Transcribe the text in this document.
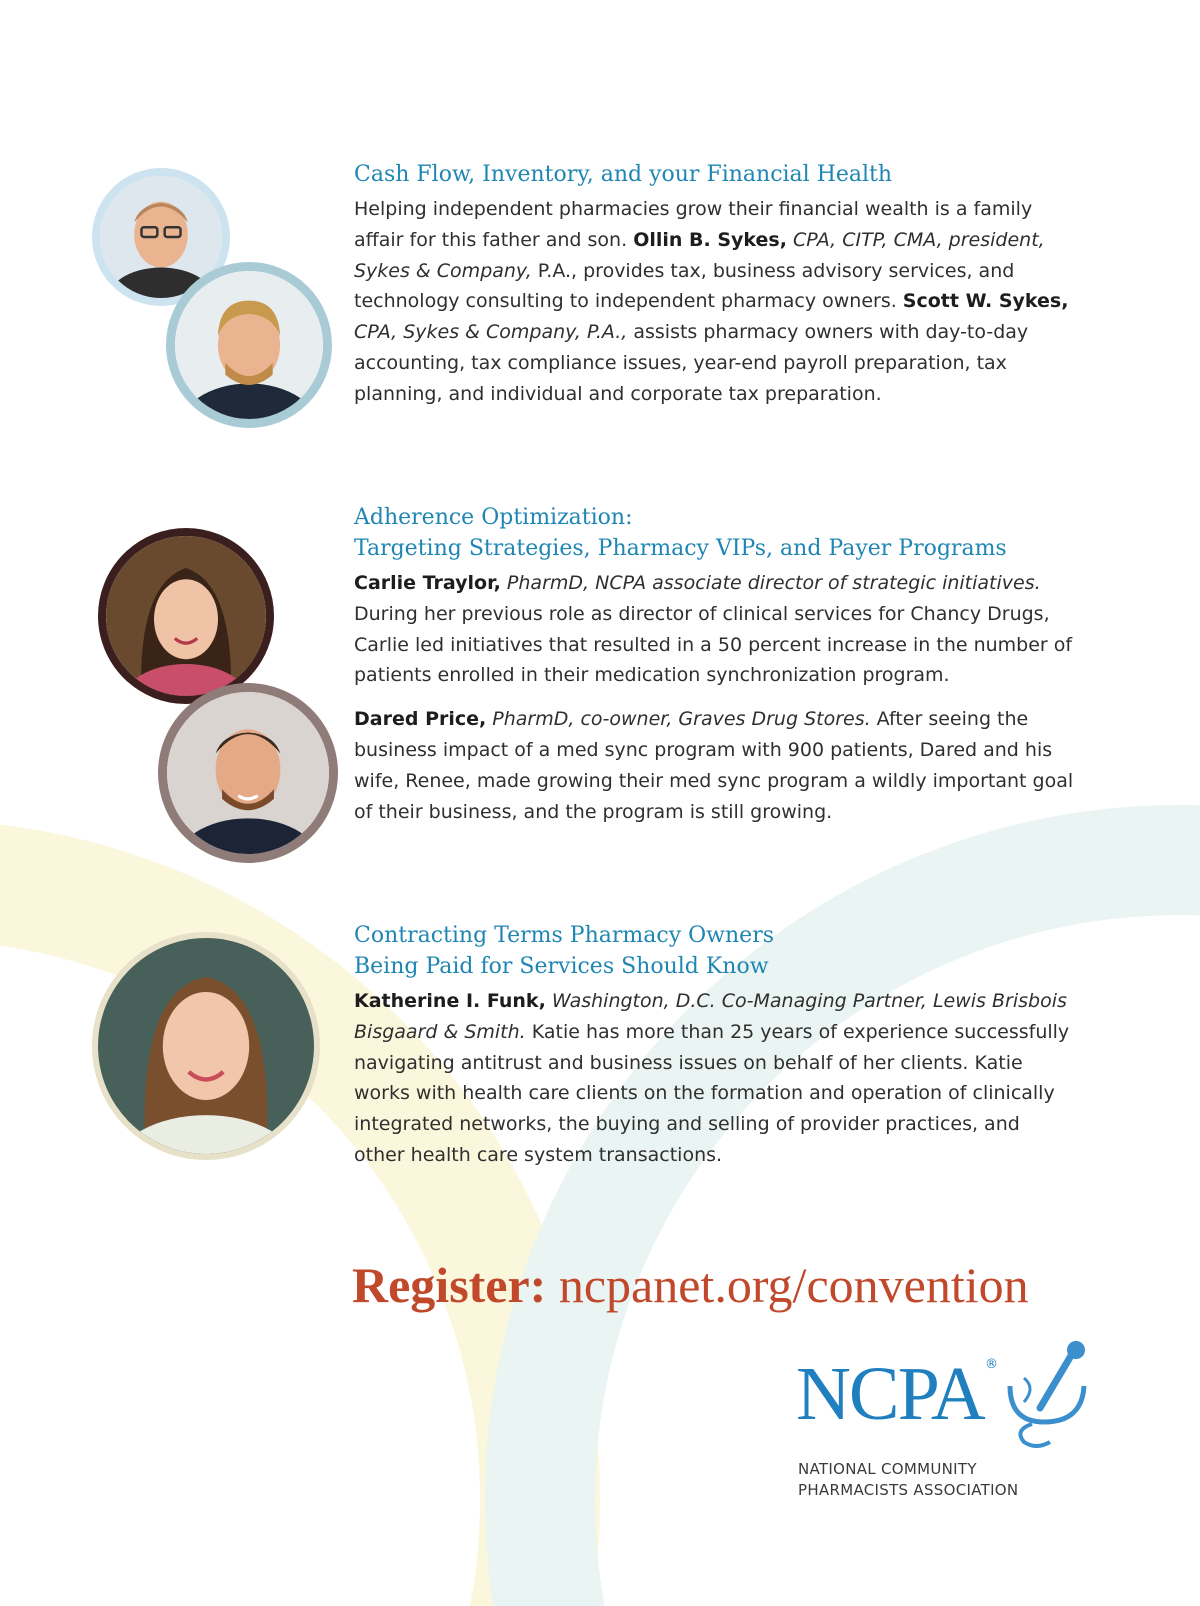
Cash Flow, Inventory, and your Financial Health

Helping independent pharmacies grow their financial wealth is a family affair for this father and son. Ollin B. Sykes, CPA, CITP, CMA, president, Sykes & Company, P.A., provides tax, business advisory services, and technology consulting to independent pharmacy owners. Scott W. Sykes, CPA, Sykes & Company, P.A., assists pharmacy owners with day-to-day accounting, tax compliance issues, year-end payroll preparation, tax planning, and individual and corporate tax preparation.

Adherence Optimization:
Targeting Strategies, Pharmacy VIPs, and Payer Programs

Carlie Traylor, PharmD, NCPA associate director of strategic initiatives. During her previous role as director of clinical services for Chancy Drugs, Carlie led initiatives that resulted in a 50 percent increase in the number of patients enrolled in their medication synchronization program.

Dared Price, PharmD, co-owner, Graves Drug Stores. After seeing the business impact of a med sync program with 900 patients, Dared and his wife, Renee, made growing their med sync program a wildly important goal of their business, and the program is still growing.

Contracting Terms Pharmacy Owners
Being Paid for Services Should Know

Katherine I. Funk, Washington, D.C. Co-Managing Partner, Lewis Brisbois Bisgaard & Smith. Katie has more than 25 years of experience successfully navigating antitrust and business issues on behalf of her clients. Katie works with health care clients on the formation and operation of clinically integrated networks, the buying and selling of provider practices, and other health care system transactions.

Register: ncpanet.org/convention
NCPA ®
NATIONAL COMMUNITY
PHARMACISTS ASSOCIATION
